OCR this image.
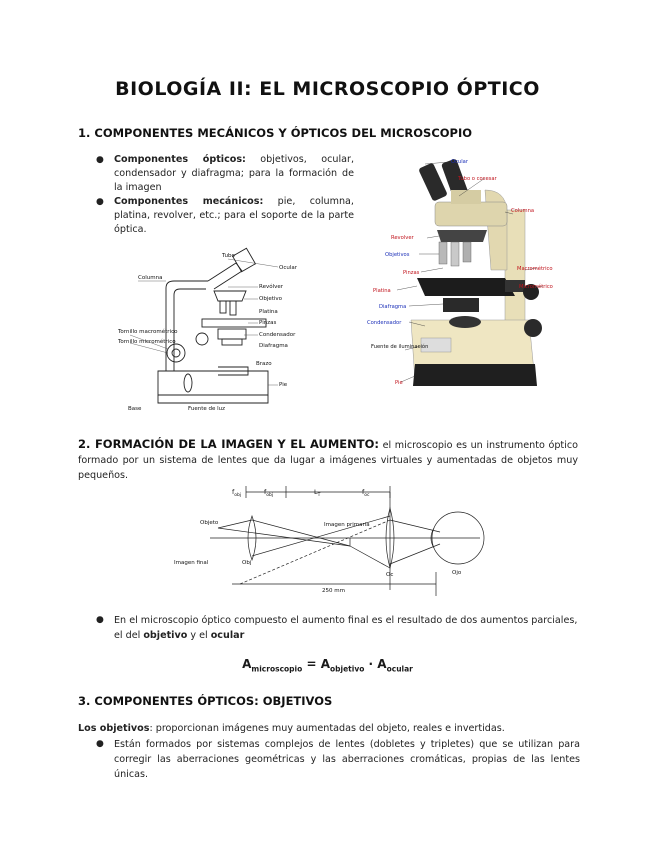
BIOLOGÍA II: EL MICROSCOPIO ÓPTICO
1. COMPONENTES MECÁNICOS Y ÓPTICOS DEL MICROSCOPIO
●	Componentes ópticos: objetivos, ocular, condensador y diafragma; para la formación de la imagen
●	Componentes mecánicos: pie, columna, platina, revolver, etc.; para el soporte de la parte óptica.
Ocular
Tubo
Revólver
Objetivo
Platina
Pinzas
Condensador
Diafragma
Columna
Tornillo macrométrico
Tornillo micrométrico
Brazo
Pie
Base	Fuente de luz
Ocular
Tubo o cocesar
Columna
Revolver
Objetivos
Pinzas
Macrométrico
Micrométrico
Platina
Diafragma
Condensador
Fuente de iluminación
Pie
2. FORMACIÓN DE LA IMAGEN Y EL AUMENTO: el microscopio es un instrumento óptico formado por un sistema de lentes que da lugar a imágenes virtuales y aumentadas de objetos muy pequeños.
$f_{obj}$	$f_{obj}$	$L_T$	$f_{oc}$
Objeto	Imagen primaria
Imagen final	Obj
Oc	Ojo
250 mm
●	En el microscopio óptico compuesto el aumento final es el resultado de dos aumentos parciales, el del objetivo y el ocular
$A_{microscopio} = A_{objetivo} \cdot A_{ocular}$
3. COMPONENTES ÓPTICOS: OBJETIVOS
Los objetivos: proporcionan imágenes muy aumentadas del objeto, reales e invertidas.
●	Están formados por sistemas complejos de lentes (dobletes y tripletes) que se utilizan para corregir las aberraciones geométricas y las aberraciones cromáticas, propias de las lentes únicas.
